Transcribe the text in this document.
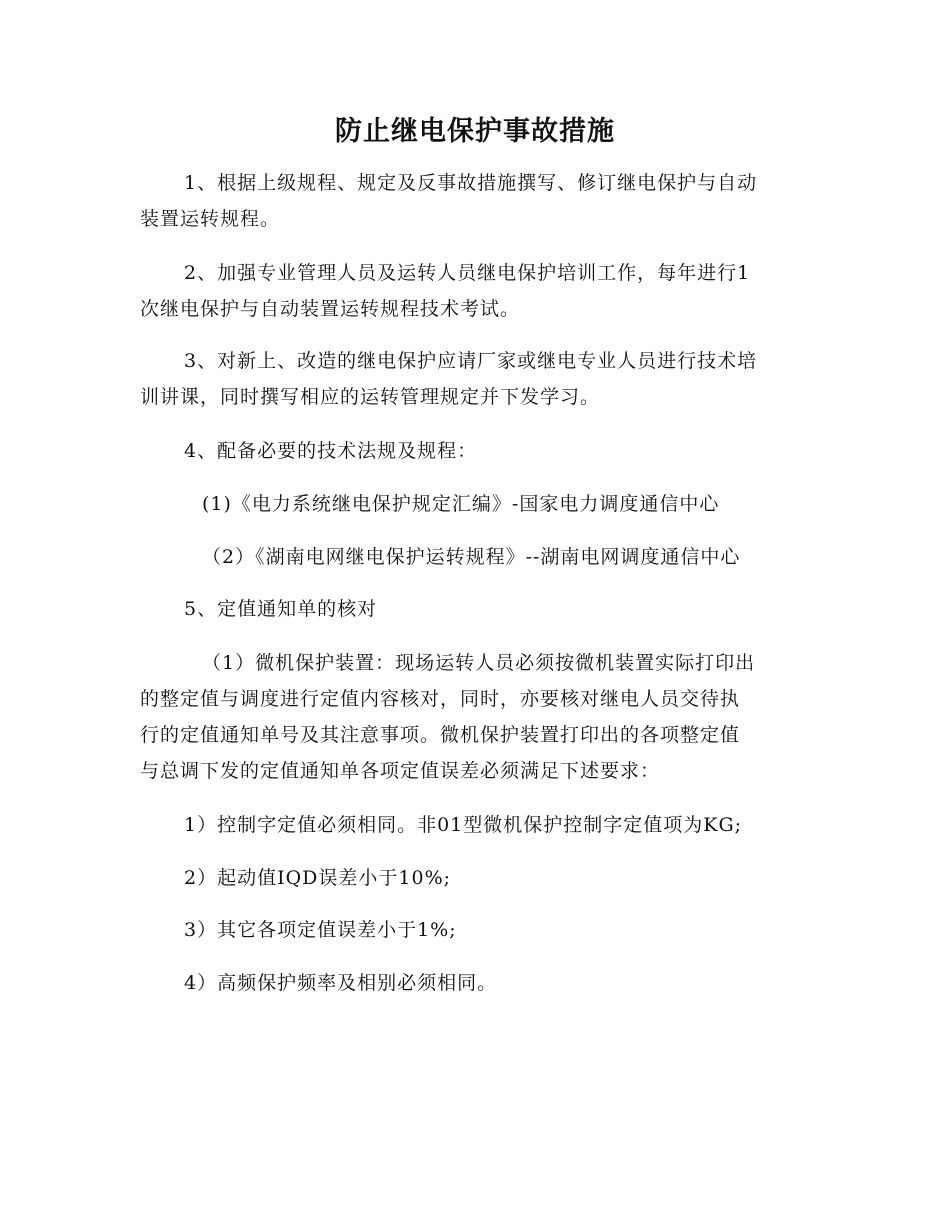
防止继电保护事故措施
1、根据上级规程、规定及反事故措施撰写、修订继电保护与自动
装置运转规程。
2、加强专业管理人员及运转人员继电保护培训工作，每年进行1
次继电保护与自动装置运转规程技术考试。
3、对新上、改造的继电保护应请厂家或继电专业人员进行技术培
训讲课，同时撰写相应的运转管理规定并下发学习。
4、配备必要的技术法规及规程：
(1)《电力系统继电保护规定汇编》-国家电力调度通信中心
（2）《湖南电网继电保护运转规程》--湖南电网调度通信中心
5、定值通知单的核对
（1）微机保护装置：现场运转人员必须按微机装置实际打印出
的整定值与调度进行定值内容核对，同时，亦要核对继电人员交待执
行的定值通知单号及其注意事项。微机保护装置打印出的各项整定值
与总调下发的定值通知单各项定值误差必须满足下述要求：
1）控制字定值必须相同。非01型微机保护控制字定值项为KG;
2）起动值IQD误差小于10%;
3）其它各项定值误差小于1%;
4）高频保护频率及相别必须相同。
